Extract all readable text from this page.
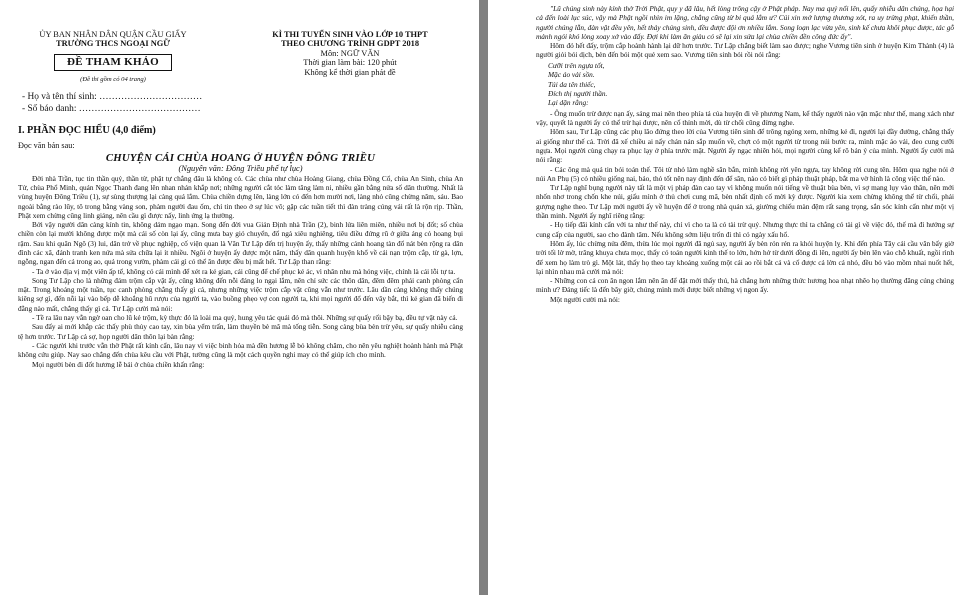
ỦY BAN NHÂN DÂN QUẬN CẦU GIẤY
TRƯỜNG THCS NGOẠI NGỮ
ĐỀ THAM KHẢO
(Đề thi gồm có 04 trang)
KÌ THI TUYỂN SINH VÀO LỚP 10 THPT
THEO CHƯƠNG TRÌNH GDPT 2018
Môn: NGỮ VĂN
Thời gian làm bài: 120 phút
Không kể thời gian phát đề
- Họ và tên thí sinh: ……………………………
- Số báo danh: …………………………………
I. PHẦN ĐỌC HIỂU (4,0 điểm)
Đọc văn bản sau:
CHUYỆN CÁI CHÙA HOANG Ở HUYỆN ĐÔNG TRIỀU
(Nguyên văn: Đông Triều phế tự lục)

Đời nhà Trần, tục tin thần quỷ, thần từ, phật tự chẳng đâu là không có. Các chùa như chùa Hoàng Giang, chùa Đồng Cổ, chùa An Sinh, chùa An Tử, chùa Phổ Minh, quán Ngọc Thanh đang lên nhan nhản khắp nơi; những người cắt tóc làm tăng làm ni, nhiều gần bằng nửa số dân thường. Nhất là vùng huyện Đông Triều (1), sự sùng thượng lại càng quá lắm. Chùa chiền dựng lên, làng lớn có đến hơn mười nơi, làng nhỏ cũng chừng năm, sáu. Bao ngoài bằng rào lũy, tô trong bằng vàng son, phàm người đau ốm, chỉ tin theo ở sự lúc vô; gặp các tuần tiết thì đàn tràng cúng vái rất là rộn rịp. Thần, Phật xem chừng cũng linh giáng, nên cầu gì được nấy, linh ứng lạ thường.

Bởi vậy người dân càng kính tin, không dám ngạo mạn. Song đến đời vua Giản Định nhà Trần (2), binh lửa liên miên, nhiều nơi bị đốt; số chùa chiền còn lại mười không được một mà cái số còn lại ấy, cũng mưa bay gió chuyển, đổ ngả xiêu nghiêng, tiêu điều đứng rũ ở giữa áng cỏ hoang bụi rậm. Sau khi quân Ngô (3) lui, dân trở về phục nghiệp, cố viện quan là Văn Tư Lập đến trị huyện ấy, thấy những cảnh hoang tàn đổ nát bèn rộng ra dân đình các xã, đánh tranh ken nứa mà sửa chữa lại ít nhiều. Ngôi ở huyện ấy được một năm, thấy dân quanh huyện khổ về cái nạn trộm cắp, từ gà, lợn, ngỗng, ngan đến cả trong ao, quả trong vườn, phàm cái gì có thể ăn được đều bị mất hết. Tư Lập than rằng:

- Ta ở vào địa vị một viên ấp tể, không có cái mình để xét ra kẻ gian, cái cũng để chế phục kẻ ác, vì nhân nhu mà hóng việc, chính là cái lỗi tự ta.

Song Tư Lập cho là những đám trộm cắp vặt ấy, cũng không đến nỗi đáng lo ngại lắm, nên chỉ sức các thôn dân, đêm đêm phải canh phòng cẩn mật. Trong khoảng một tuần, tục canh phòng chẳng thấy gì cả, nhưng những việc trộm cắp vặt cũng vẫn như trước. Lâu dần càng không thấy chúng kiêng sợ gì, đến nỗi lại vào bếp dễ khoắng hũ rượu của người ta, vào buồng phẹo vợ con người ta, khi mọi người đổ đến vây bắt, thì kẻ gian đã biến đi đằng nào mất, chẳng thấy gì cả. Tư Lập cười mà nói:

- Tề ra lâu nay vẫn ngờ oan cho lũ kẻ trộm, kỳ thực đó là loài ma quỷ, hung yêu tác quái đó mà thôi. Những sự quấy rối bậy bạ, đều tự vật này cả.

Sau đấy ai mới khắp các thấy phù thủy cao tay, xin bùa yểm trấn, làm thuyền bè mã mà tống tiễn. Song càng bùa bèn trừ yêu, sự quấy nhiễu càng tệ hơn trước. Tư Lập cả sợ, họp người dân thôn lại bàn rằng:

- Các người khi trước vẫn thờ Phật rất kính cẩn, lâu nay vì việc binh hỏa mà đền hương lễ bỏ không chăm, cho nên yêu nghiệt hoành hành mà Phật không cứu giúp. Nay sao chẳng đến chùa kêu cầu với Phật, tường cũng là một cách quyền nghi may có thể giúp ích cho mình.

Mọi người bèn đi đốt hương lễ bái ở chùa chiền khấn rằng:

"Lũ chúng sinh này kính thờ Trời Phật, quy y đã lâu, hết lòng trông cậy ở Phật pháp. Nay ma quỷ nổi lên, quấy nhiễu dân chúng, họa hại cả đến loài lục súc, vậy mà Phật ngồi nhìn im lặng, chẳng cũng từ bi quá lắm ư? Cúi xin mở lượng thương xót, ra uy trừng phạt, khiến thần, người chúng lẫn, đàn vật đều yên, hết thảy chúng sinh, đều được đội ơn nhiều lắm. Song loạn lạc vừa yên, sinh kế chưa khôi phục được, tác gỗ mảnh ngói khó lòng xoay xở vào đấy. Đợi khi làm ăn giàu có sẽ lại xin sửa lại chùa chiền đền công đức ấy".

Hôm đó hết đấy, trộm cắp hoành hành lại dữ hơn trước. Tư Lập chẳng biết làm sao được; nghe Vương tiên sinh ở huyện Kim Thành (4) là người giỏi bói dịch, bèn đến bói một quẻ xem sao. Vương tiên sinh bói rồi nói rằng:

Cưỡi trên ngựa tốt,
Mặc áo vải sồn.
Túi da tên thiếc,
Đích thị người thần.
Lại dặn rằng:

- Ông muốn trừ được nạn ấy, sáng mai nên theo phía tả của huyện đi về phương Nam, kể thấy người nào vận mặc như thế, mang xách như vậy, quyết là người ấy có thể trừ hại được, nên cố thỉnh mời, dù từ chối cũng đừng nghe.

Hôm sau, Tư Lập cũng các phụ lão đứng theo lời của Vương tiên sinh để trông ngóng xem, những kẻ đi, người lại đầy đường, chẳng thấy ai giống như thế cả. Trời đã xế chiều ai nấy chán nản sắp muốn về, chợt có một người từ trong núi bước ra, mình mặc áo vải, đeo cung cưỡi ngựa. Mọi người cùng chạy ra phục lạy ở phía trước mặt. Người ấy ngạc nhiên hỏi, mọi người cùng kể rõ bản ý của mình. Người ấy cười mà nói rằng:

- Các ông mà quá tin bói toán thế. Tôi từ nhỏ làm nghề săn bắn, mình không rời yên ngựa, tay không rời cung tên. Hôm qua nghe nói ở núi An Phụ (5) có nhiều giống nai, báo, thỏ tốt nên nay định đến để săn, nào có biết gì pháp thuật pháp, bắt ma vờ hình là công việc thế nào.

Tư Lập nghĩ bụng người này tất là một vị pháp đàn cao tay vì không muốn nói tiếng về thuật bùa bèn, vì sợ mang lụy vào thân, nên mới nhốn nhơ trong chốn khe núi, giấu mình ở thủ chơi cung mã, bèn nhất định cố mời kỳ được. Người kia xem chừng không thể từ chối, phải gượng nghe theo. Tư Lập mới người ấy về huyện để ở trong nhà quán xá, giường chiếu màn đệm rất sang trọng, sắn sóc kính cẩn như một vị thần minh. Người ấy nghĩ riêng rằng:

- Họ tiếp đãi kính cẩn với ta như thế này, chỉ vì cho ta là có tài trừ quỷ. Nhưng thực thì ta chẳng có tài gì về việc đó, thế mà đi hưởng sự cung cấp của người, sao cho đành tâm. Nếu không sớm liệu trốn đi thì có ngày xấu hổ.

Hôm ấy, lúc chừng nửa đêm, thừa lúc mọi người đã ngủ say, người ấy bèn rón rén ra khỏi huyện lỵ. Khi đến phía Tây cái cầu văn bấy giờ trời tối lờ mờ, trăng khuya chưa mọc, thấy có toán người kinh thế to lớn, hớn hở từ dưới đồng đi lên, người ấy bèn lên vào chỗ khuất, ngồi rình để xem họ làm trò gì. Một lát, thấy họ theo tay khoảng xuống một cái ao rồi bắt cá và cố được cả lờn cá nhỏ, đều bỏ vào mồm nhai nuốt hết, lại nhìn nhau mà cười mà nói:

- Những con cá con ăn ngon lắm nên ăn để đặt mới thấy thú, hà chẳng hơn những thức hương hoa nhạt nhẽo họ thường đăng cúng chúng mình ư? Đáng tiếc là đến bây giờ, chúng mình mới được biết những vị ngon ấy.

Một người cười mà nói:
